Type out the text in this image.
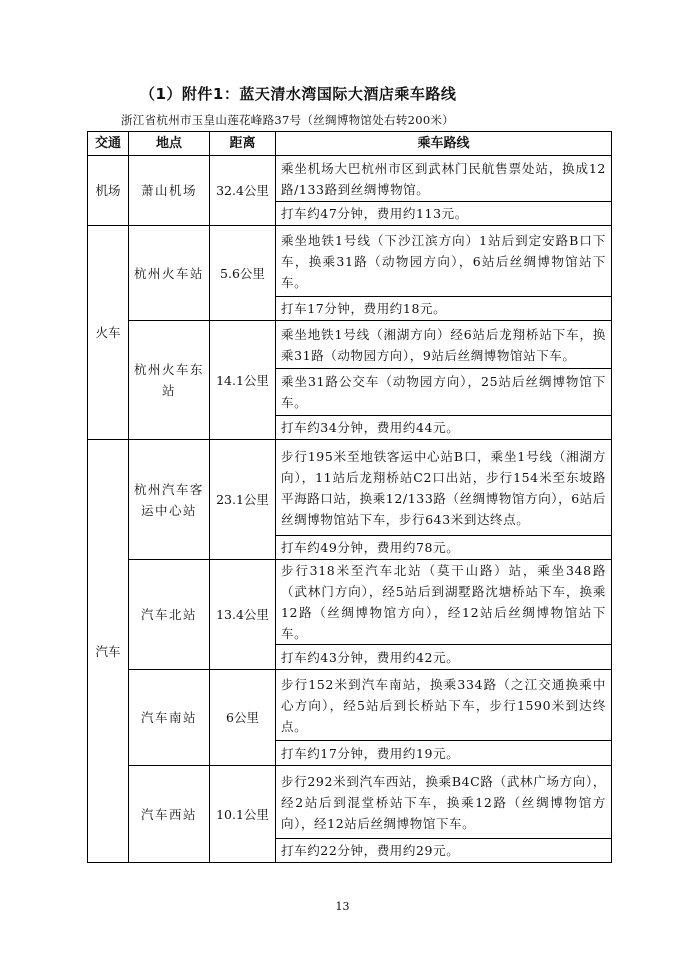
（1）附件1：蓝天清水湾国际大酒店乘车路线
浙江省杭州市玉皇山莲花峰路37号（丝绸博物馆处右转200米）
交通	地点	距离	乘车路线
机场	萧山机场	32.4公里	乘坐机场大巴杭州市区到武林门民航售票处站，换成12路/133路到丝绸博物馆。
			打车约47分钟，费用约113元。
火车	杭州火车站	5.6公里	乘坐地铁1号线（下沙江滨方向）1站后到定安路B口下车，换乘31路（动物园方向），6站后丝绸博物馆站下车。
			打车17分钟，费用约18元。
	杭州火车东站	14.1公里	乘坐地铁1号线（湘湖方向）经6站后龙翔桥站下车，换乘31路（动物园方向），9站后丝绸博物馆站下车。
			乘坐31路公交车（动物园方向），25站后丝绸博物馆下车。
			打车约34分钟，费用约44元。
汽车	杭州汽车客运中心站	23.1公里	步行195米至地铁客运中心站B口，乘坐1号线（湘湖方向），11站后龙翔桥站C2口出站，步行154米至东坡路平海路口站，换乘12/133路（丝绸博物馆方向），6站后丝绸博物馆站下车，步行643米到达终点。
			打车约49分钟，费用约78元。
	汽车北站	13.4公里	步行318米至汽车北站（莫干山路）站，乘坐348路（武林门方向），经5站后到湖墅路沈塘桥站下车，换乘12路（丝绸博物馆方向），经12站后丝绸博物馆站下车。
			打车约43分钟，费用约42元。
	汽车南站	6公里	步行152米到汽车南站，换乘334路（之江交通换乘中心方向），经5站后到长桥站下车，步行1590米到达终点。
			打车约17分钟，费用约19元。
	汽车西站	10.1公里	步行292米到汽车西站，换乘B4C路（武林广场方向），经2站后到混堂桥站下车，换乘12路（丝绸博物馆方向），经12站后丝绸博物馆下车。
			打车约22分钟，费用约29元。
13
